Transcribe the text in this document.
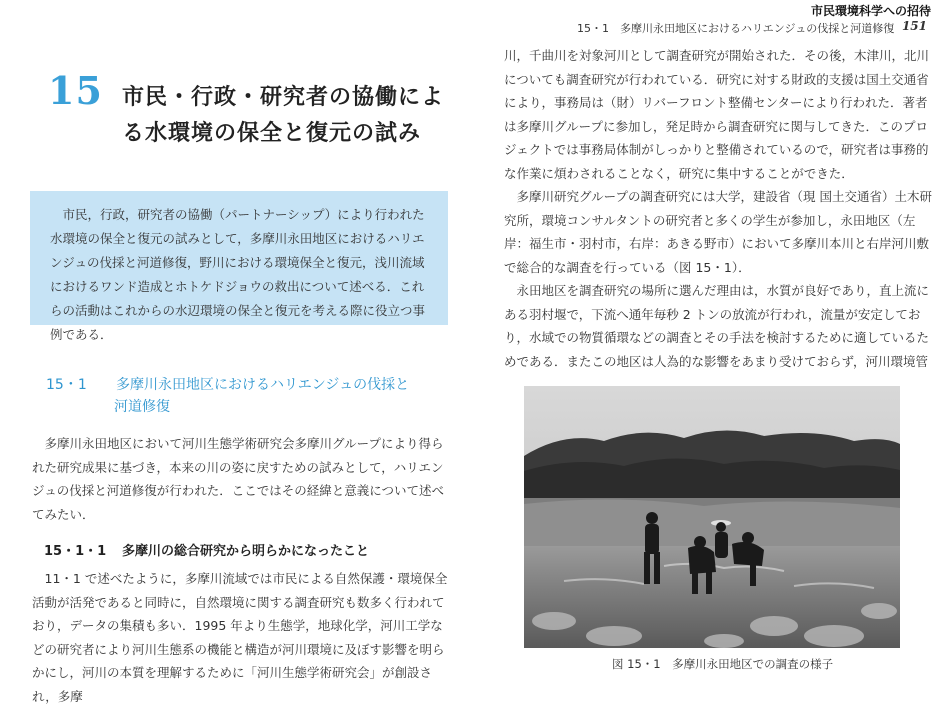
15 市民・行政・研究者の協働によ
る水環境の保全と復元の試み
市民，行政，研究者の協働（パートナーシップ）により行われた水環境の保全と復元の試みとして，多摩川永田地区におけるハリエンジュの伐採と河道修復，野川における環境保全と復元，浅川流域におけるワンド造成とホトケドジョウの救出について述べる．これらの活動はこれからの水辺環境の保全と復元を考える際に役立つ事例である．
15・1 多摩川永田地区におけるハリエンジュの伐採と
河道修復
多摩川永田地区において河川生態学術研究会多摩川グループにより得られた研究成果に基づき，本来の川の姿に戻すための試みとして，ハリエンジュの伐採と河道修復が行われた．ここではその経緯と意義について述べてみたい．
15・1・1 多摩川の総合研究から明らかになったこと
11・1 で述べたように，多摩川流域では市民による自然保護・環境保全活動が活発であると同時に，自然環境に関する調査研究も数多く行われており，データの集積も多い．1995 年より生態学，地球化学，河川工学などの研究者により河川生態系の機能と構造が河川環境に及ぼす影響を明らかにし，河川の本質を理解するために「河川生態学術研究会」が創設され，多摩
市民環境科学への招待
15・1　多摩川永田地区におけるハリエンジュの伐採と河道修復 151

川，千曲川を対象河川として調査研究が開始された．その後，木津川，北川についても調査研究が行われている．研究に対する財政的支援は国土交通省により，事務局は（財）リバーフロント整備センターにより行われた．著者は多摩川グループに参加し，発足時から調査研究に関与してきた．このプロジェクトでは事務局体制がしっかりと整備されているので，研究者は事務的な作業に煩わされることなく，研究に集中することができた．

多摩川研究グループの調査研究には大学，建設省（現 国土交通省）土木研究所，環境コンサルタントの研究者と多くの学生が参加し，永田地区（左岸：福生市・羽村市，右岸：あきる野市）において多摩川本川と右岸河川敷で総合的な調査を行っている（図 15・1）．

永田地区を調査研究の場所に選んだ理由は，水質が良好であり，直上流にある羽村堰で，下流へ通年毎秒 2 トンの放流が行われ，流量が安定しており，水域での物質循環などの調査とその手法を検討するために適しているためである．またこの地区は人為的な影響をあまり受けておらず，河川環境管

図 15・1　多摩川永田地区での調査の様子
